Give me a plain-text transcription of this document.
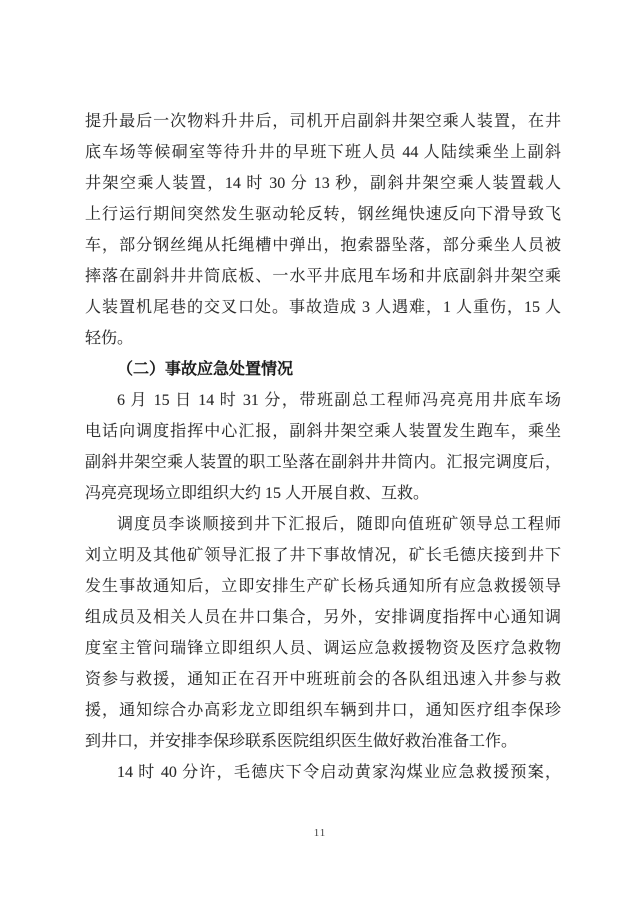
提升最后一次物料升井后，司机开启副斜井架空乘人装置，在井
底车场等候硐室等待升井的早班下班人员 44 人陆续乘坐上副斜
井架空乘人装置，14 时 30 分 13 秒，副斜井架空乘人装置载人
上行运行期间突然发生驱动轮反转，钢丝绳快速反向下滑导致飞
车，部分钢丝绳从托绳槽中弹出，抱索器坠落，部分乘坐人员被
摔落在副斜井井筒底板、一水平井底甩车场和井底副斜井架空乘
人装置机尾巷的交叉口处。事故造成 3 人遇难，1 人重伤，15 人
轻伤。
（二）事故应急处置情况
6 月 15 日 14 时 31 分，带班副总工程师冯亮亮用井底车场
电话向调度指挥中心汇报，副斜井架空乘人装置发生跑车，乘坐
副斜井架空乘人装置的职工坠落在副斜井井筒内。汇报完调度后，
冯亮亮现场立即组织大约 15 人开展自救、互救。
调度员李谈顺接到井下汇报后，随即向值班矿领导总工程师
刘立明及其他矿领导汇报了井下事故情况，矿长毛德庆接到井下
发生事故通知后，立即安排生产矿长杨兵通知所有应急救援领导
组成员及相关人员在井口集合，另外，安排调度指挥中心通知调
度室主管问瑞锋立即组织人员、调运应急救援物资及医疗急救物
资参与救援，通知正在召开中班班前会的各队组迅速入井参与救
援，通知综合办高彩龙立即组织车辆到井口，通知医疗组李保珍
到井口，并安排李保珍联系医院组织医生做好救治准备工作。
14 时 40 分许，毛德庆下令启动黄家沟煤业应急救援预案，
11
